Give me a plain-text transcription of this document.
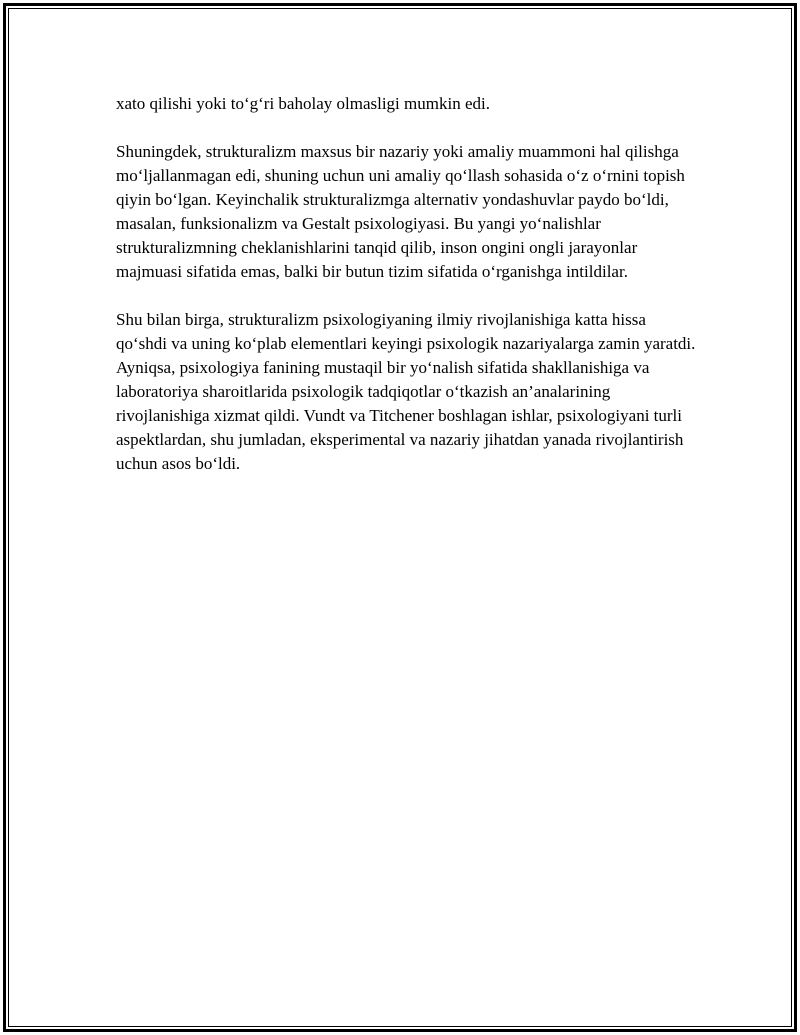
xato qilishi yoki to‘g‘ri baholay olmasligi mumkin edi.

Shuningdek, strukturalizm maxsus bir nazariy yoki amaliy muammoni hal qilishga mo‘ljallanmagan edi, shuning uchun uni amaliy qo‘llash sohasida o‘z o‘rnini topish qiyin bo‘lgan. Keyinchalik strukturalizmga alternativ yondashuvlar paydo bo‘ldi, masalan, funksionalizm va Gestalt psixologiyasi. Bu yangi yo‘nalishlar strukturalizmning cheklanishlarini tanqid qilib, inson ongini ongli jarayonlar majmuasi sifatida emas, balki bir butun tizim sifatida o‘rganishga intildilar.

Shu bilan birga, strukturalizm psixologiyaning ilmiy rivojlanishiga katta hissa qo‘shdi va uning ko‘plab elementlari keyingi psixologik nazariyalarga zamin yaratdi. Ayniqsa, psixologiya fanining mustaqil bir yo‘nalish sifatida shakllanishiga va laboratoriya sharoitlarida psixologik tadqiqotlar o‘tkazish an’analarining rivojlanishiga xizmat qildi. Vundt va Titchener boshlagan ishlar, psixologiyani turli aspektlardan, shu jumladan, eksperimental va nazariy jihatdan yanada rivojlantirish uchun asos bo‘ldi.
